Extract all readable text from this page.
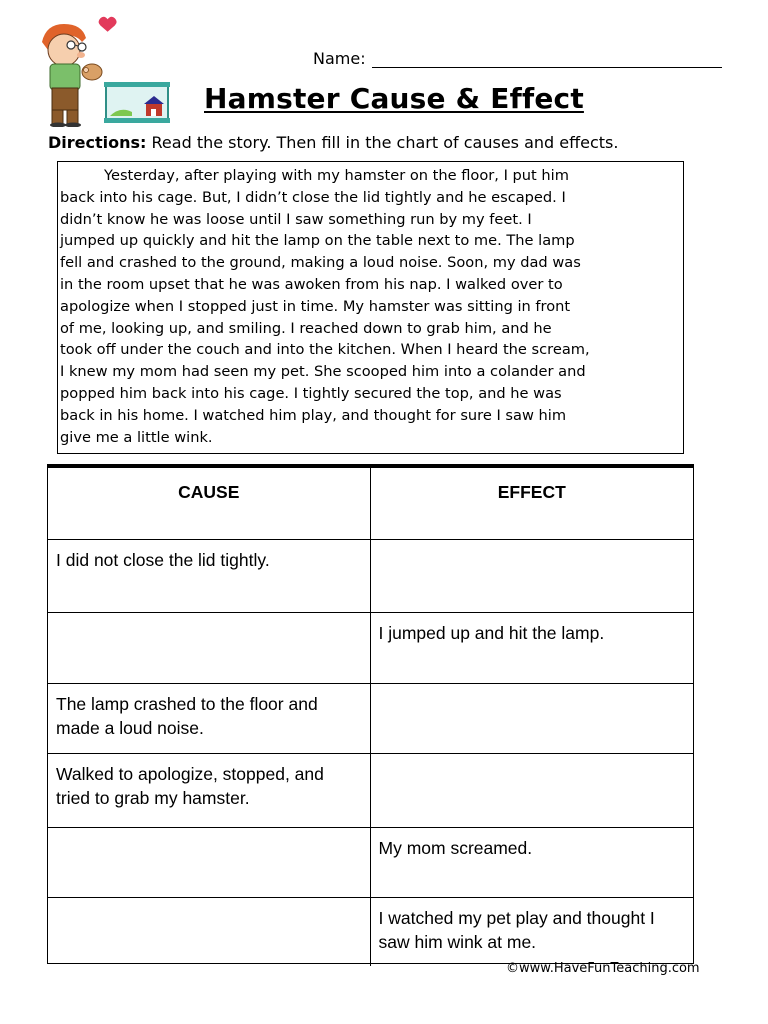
Name:
Hamster Cause & Effect
Directions: Read the story. Then fill in the chart of causes and effects.
Yesterday, after playing with my hamster on the floor, I put him
back into his cage. But, I didn’t close the lid tightly and he escaped. I
didn’t know he was loose until I saw something run by my feet. I
jumped up quickly and hit the lamp on the table next to me. The lamp
fell and crashed to the ground, making a loud noise. Soon, my dad was
in the room upset that he was awoken from his nap. I walked over to
apologize when I stopped just in time. My hamster was sitting in front
of me, looking up, and smiling. I reached down to grab him, and he
took off under the couch and into the kitchen. When I heard the scream,
I knew my mom had seen my pet. She scooped him into a colander and
popped him back into his cage. I tightly secured the top, and he was
back in his home. I watched him play, and thought for sure I saw him
give me a little wink.
CAUSE	EFFECT
I did not close the lid tightly.
I jumped up and hit the lamp.
The lamp crashed to the floor and made a loud noise.
Walked to apologize, stopped, and tried to grab my hamster.
My mom screamed.
I watched my pet play and thought I saw him wink at me.
©www.HaveFunTeaching.com
